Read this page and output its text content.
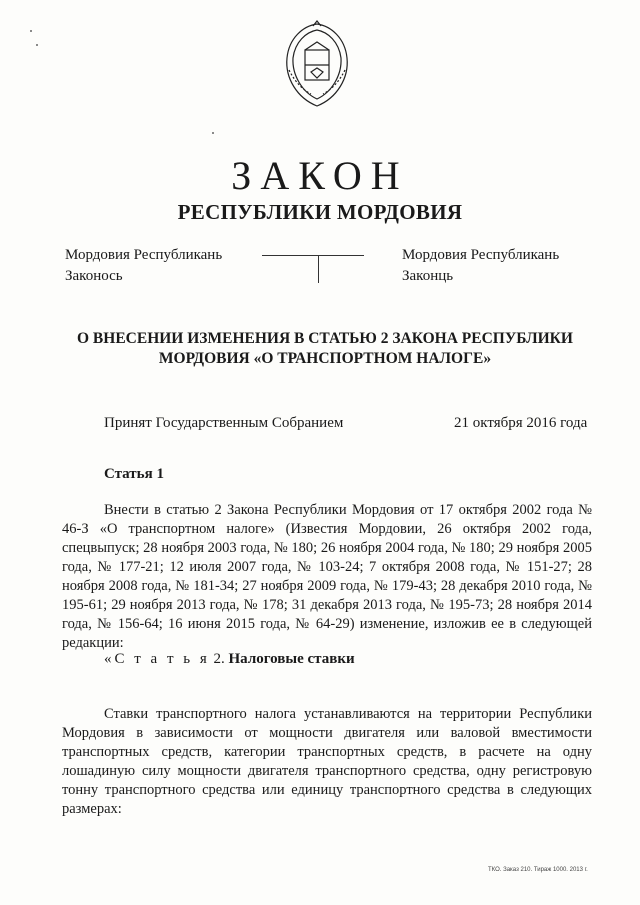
ЗАКОН
РЕСПУБЛИКИ МОРДОВИЯ
Мордовия Республикань
Законось
Мордовия Республикань
Законць
О ВНЕСЕНИИ ИЗМЕНЕНИЯ В СТАТЬЮ 2 ЗАКОНА РЕСПУБЛИКИ
МОРДОВИЯ «О ТРАНСПОРТНОМ НАЛОГЕ»
Принят Государственным Собранием	21 октября 2016 года
Статья 1
Внести в статью 2 Закона Республики Мордовия от 17 октября 2002 года № 46-З «О транспортном налоге» (Известия Мордовии, 26 октября 2002 года, спецвыпуск; 28 ноября 2003 года, № 180; 26 ноября 2004 года, № 180; 29 ноября 2005 года, № 177-21; 12 июля 2007 года, № 103-24; 7 октября 2008 года, № 151-27; 28 ноября 2008 года, № 181-34; 27 ноября 2009 года, № 179-43; 28 декабря 2010 года, № 195-61; 29 ноября 2013 года, № 178; 31 декабря 2013 года, № 195-73; 28 ноября 2014 года, № 156-64; 16 июня 2015 года, № 64-29) изменение, изложив ее в следующей редакции:
«С т а т ь я 2. Налоговые ставки
Ставки транспортного налога устанавливаются на территории Республики Мордовия в зависимости от мощности двигателя или валовой вместимости транспортных средств, категории транспортных средств, в расчете на одну лошадиную силу мощности двигателя транспортного средства, одну регистровую тонну транспортного средства или единицу транспортного средства в следующих размерах:
ТКО. Заказ 210. Тираж 1000. 2013 г.
